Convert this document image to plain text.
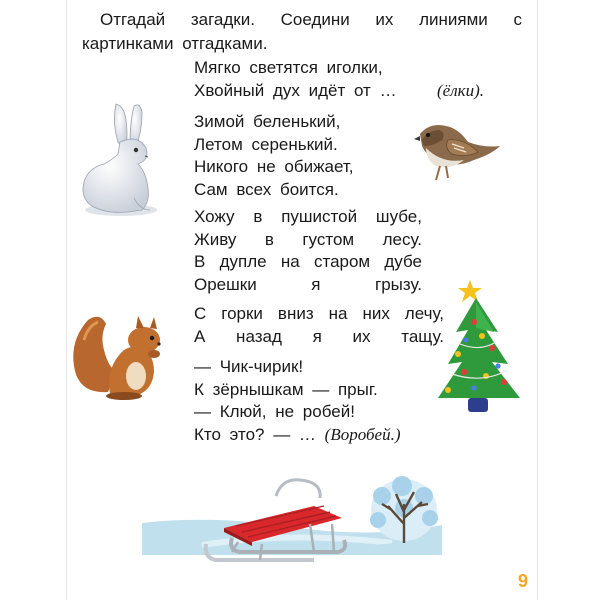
Отгадай загадки. Соедини их линиями с
картинками отгадками.
Мягко светятся иголки,
Хвойный дух идёт от … (ёлки).
Зимой беленький,
Летом серенький.
Никого не обижает,
Сам всех боится.
Хожу в пушистой шубе,
Живу в густом лесу.
В дупле на старом дубе
Орешки я грызу.
С горки вниз на них лечу,
А назад я их тащу.
— Чик-чирик!
К зёрнышкам — прыг.
— Клюй, не робей!
Кто это? — … (Воробей.)
9
